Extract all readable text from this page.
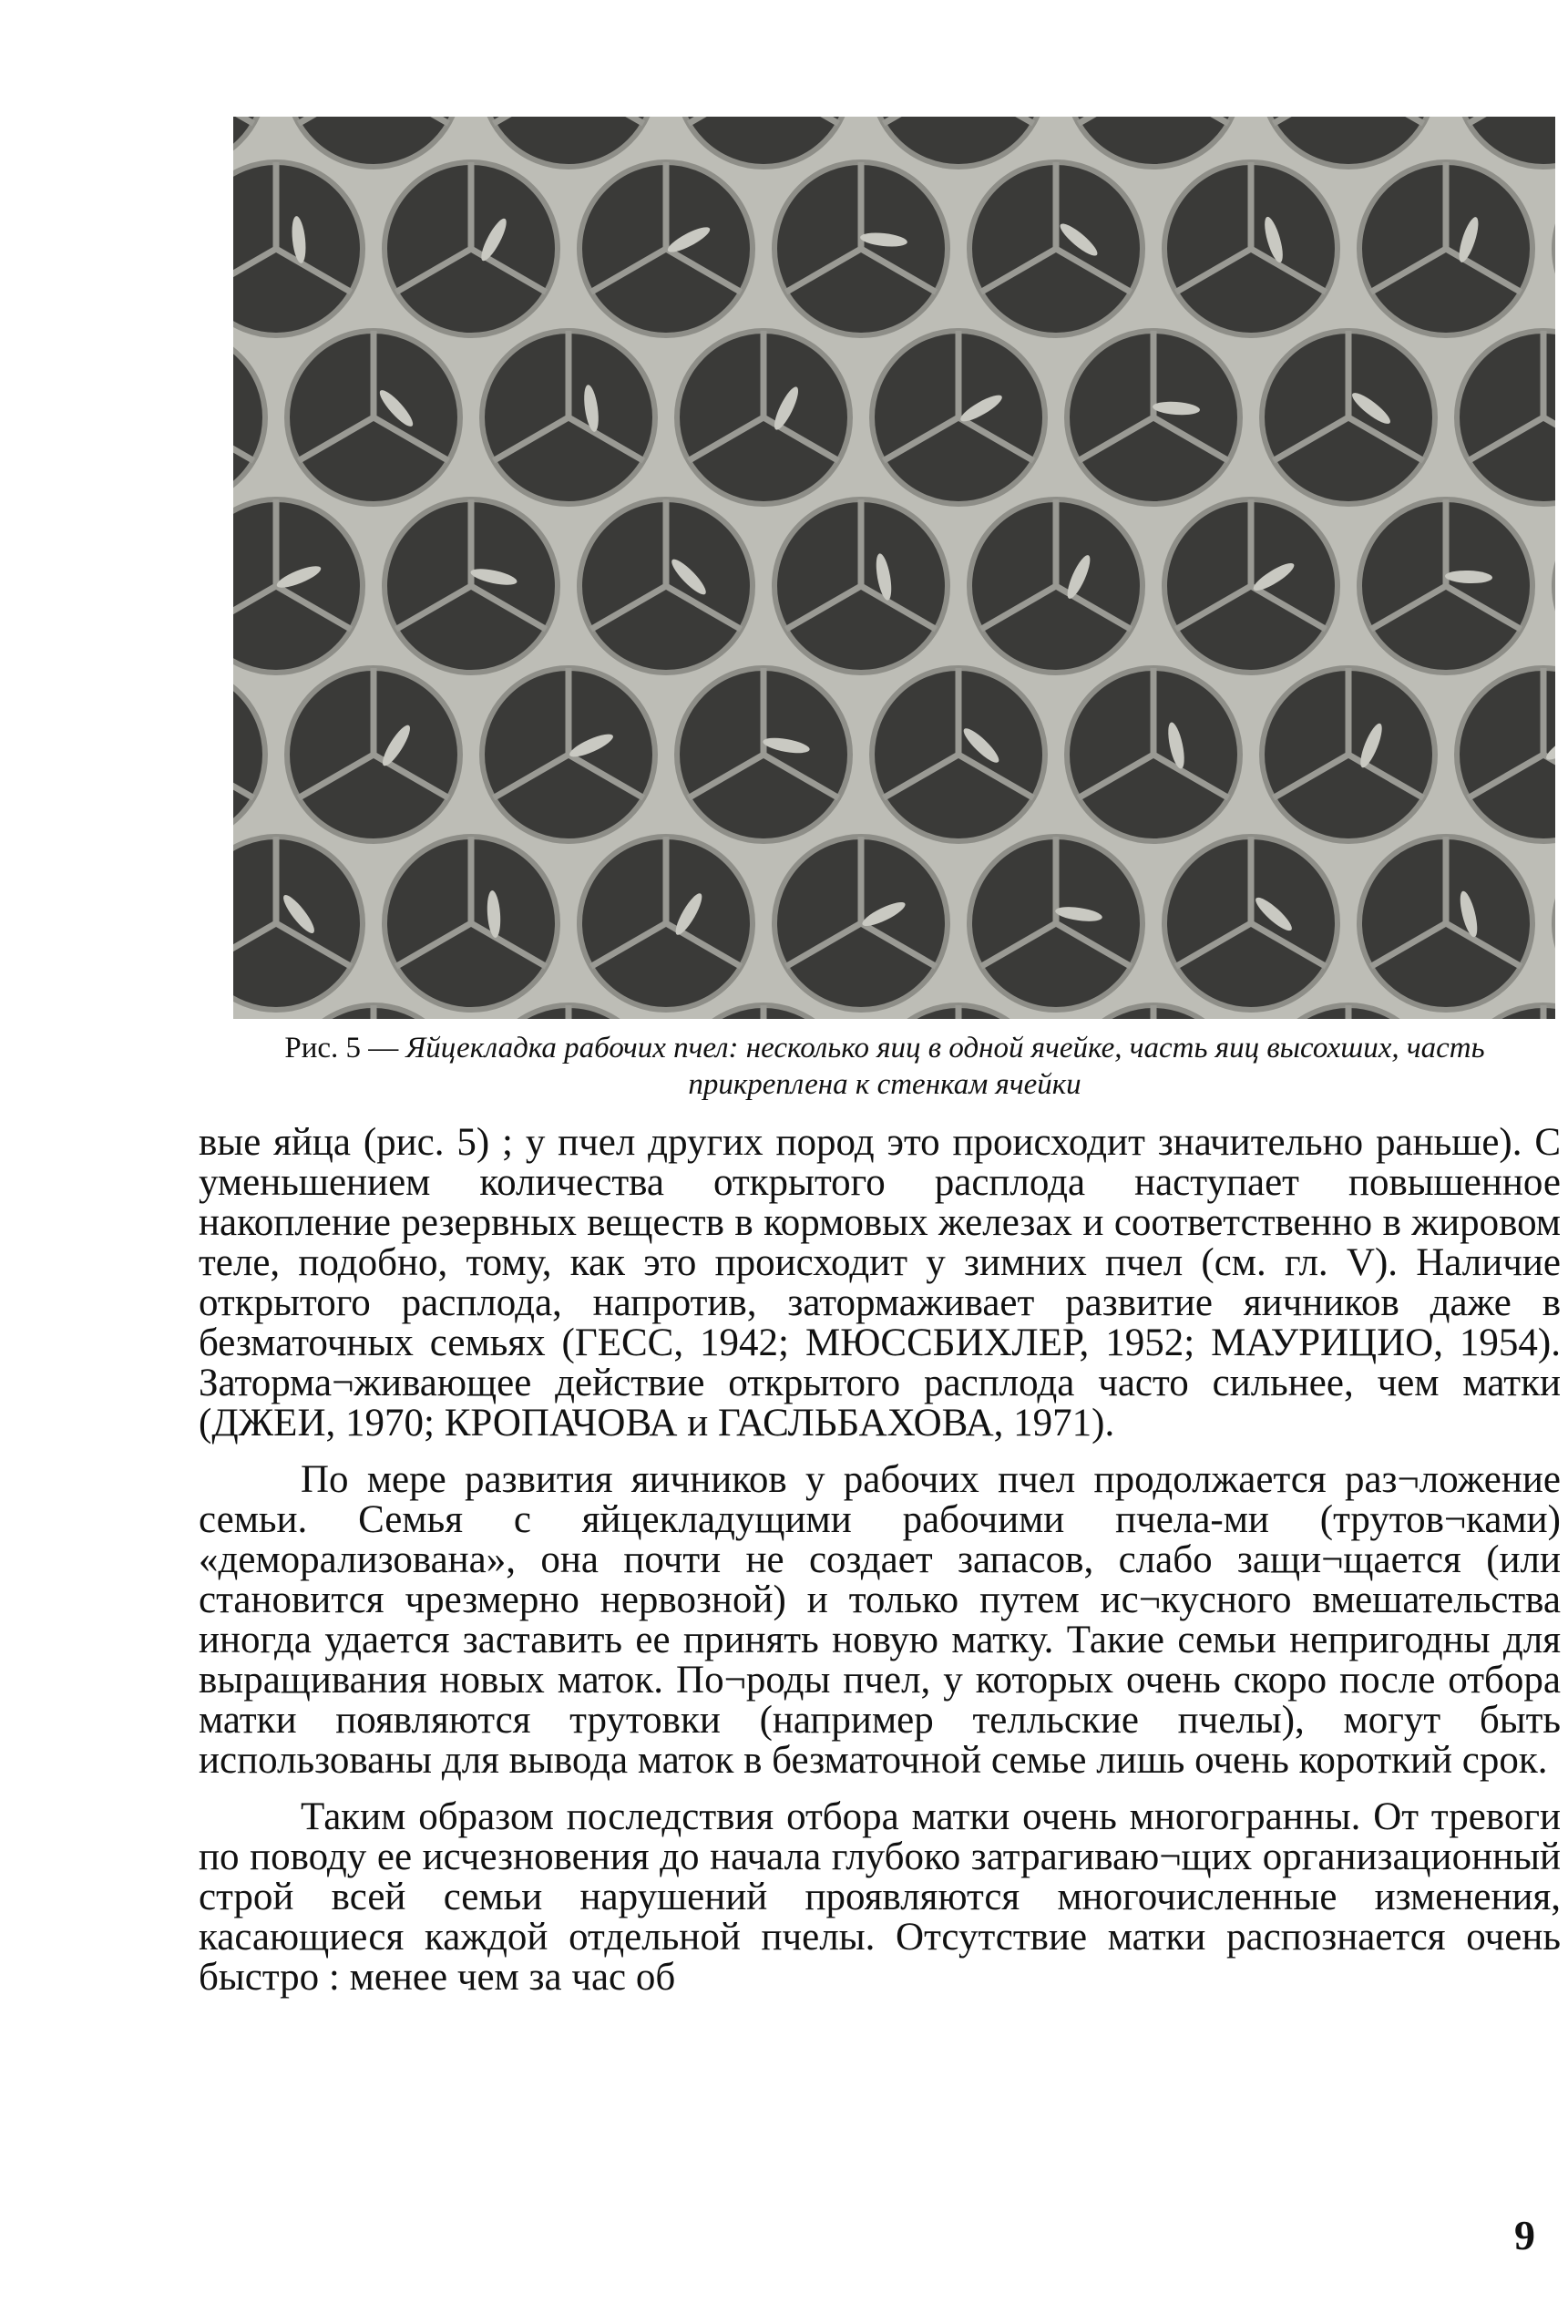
Рис. 5 — Яйцекладка рабочих пчел: несколько яиц в одной ячейке, часть яиц высохших, часть прикреплена к стенкам ячейки

вые яйца (рис. 5) ; у пчел других пород это происходит значительно раньше). С уменьшением количества открытого расплода наступает повышенное накопление резервных веществ в кормовых железах и соответственно в жировом теле, подобно, тому, как это происходит у зимних пчел (см. гл. V). Наличие открытого расплода, напротив, затормаживает развитие яичников даже в безматочных семьях (ГЕСС, 1942; МЮССБИХЛЕР, 1952; МАУРИЦИО, 1954). Заторма¬живающее действие открытого расплода часто сильнее, чем матки (ДЖЕИ, 1970; КРОПАЧОВА и ГАСЛЬБАХОВА, 1971).

По мере развития яичников у рабочих пчел продолжается раз¬ложение семьи. Семья с яйцекладущими рабочими пчела-ми (трутов¬ками) «деморализована», она почти не создает запасов, слабо защи¬щается (или становится чрезмерно нервозной) и только путем ис¬кусного вмешательства иногда удается заставить ее принять новую матку. Такие семьи непригодны для выращивания новых маток. По¬роды пчел, у которых очень скоро после отбора матки появляются трутовки (например телльские пчелы), могут быть использованы для вывода маток в безматочной семье лишь очень короткий срок.

Таким образом последствия отбора матки очень многогранны. От тревоги по поводу ее исчезновения до начала глубоко затрагиваю¬щих организационный строй всей семьи нарушений проявляются многочисленные изменения, касающиеся каждой отдельной пчелы. Отсутствие матки распознается очень быстро : менее чем за час об

9
